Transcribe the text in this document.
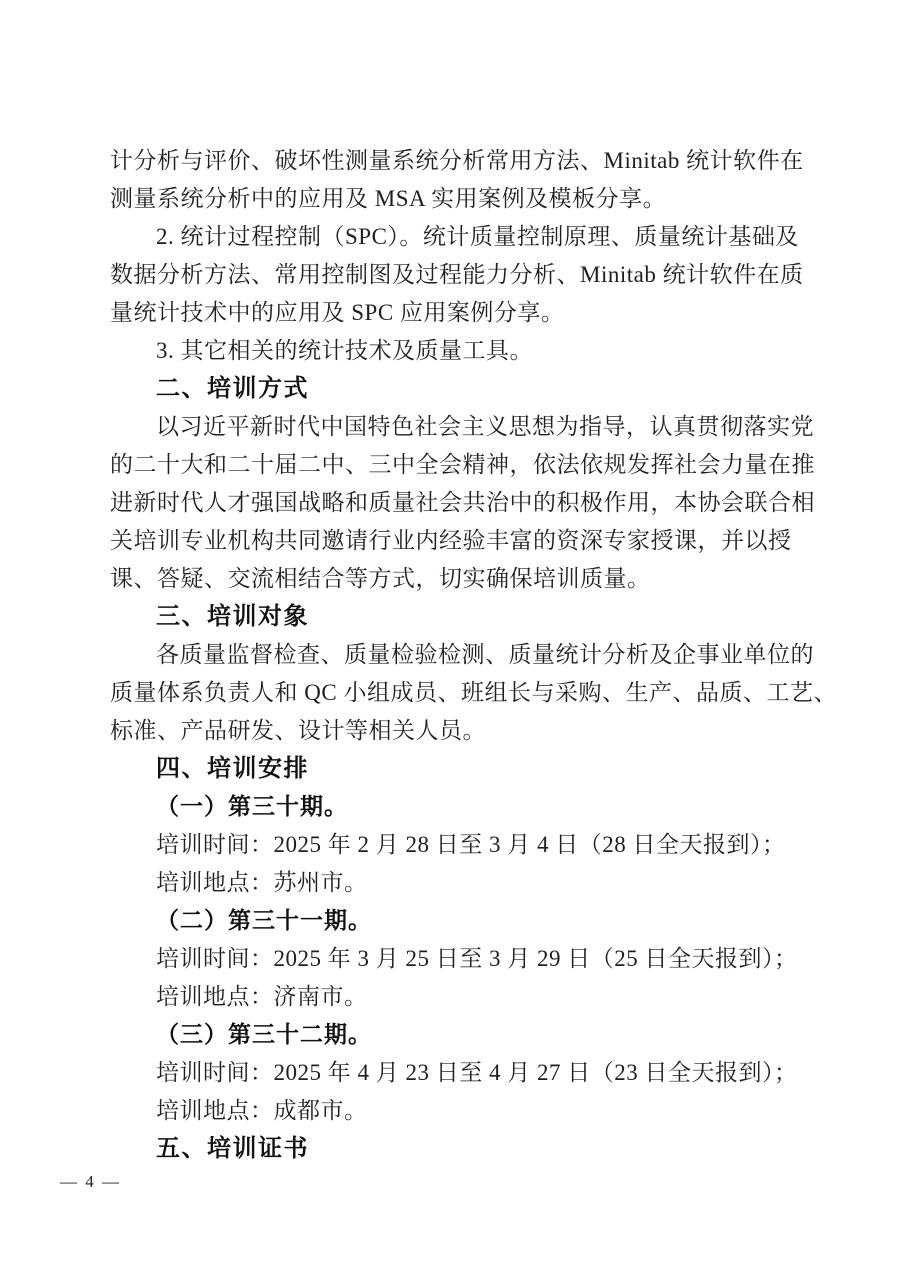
计分析与评价、破坏性测量系统分析常用方法、Minitab 统计软件在
测量系统分析中的应用及 MSA 实用案例及模板分享。
2. 统计过程控制（SPC）。统计质量控制原理、质量统计基础及
数据分析方法、常用控制图及过程能力分析、Minitab 统计软件在质
量统计技术中的应用及 SPC 应用案例分享。
3. 其它相关的统计技术及质量工具。
二、培训方式
以习近平新时代中国特色社会主义思想为指导，认真贯彻落实党
的二十大和二十届二中、三中全会精神，依法依规发挥社会力量在推
进新时代人才强国战略和质量社会共治中的积极作用，本协会联合相
关培训专业机构共同邀请行业内经验丰富的资深专家授课，并以授
课、答疑、交流相结合等方式，切实确保培训质量。
三、培训对象
各质量监督检查、质量检验检测、质量统计分析及企事业单位的
质量体系负责人和 QC 小组成员、班组长与采购、生产、品质、工艺、
标准、产品研发、设计等相关人员。
四、培训安排
（一）第三十期。
培训时间：2025 年 2 月 28 日至 3 月 4 日（28 日全天报到）；
培训地点：苏州市。
（二）第三十一期。
培训时间：2025 年 3 月 25 日至 3 月 29 日（25 日全天报到）；
培训地点：济南市。
（三）第三十二期。
培训时间：2025 年 4 月 23 日至 4 月 27 日（23 日全天报到）；
培训地点：成都市。
五、培训证书
— 4 —
